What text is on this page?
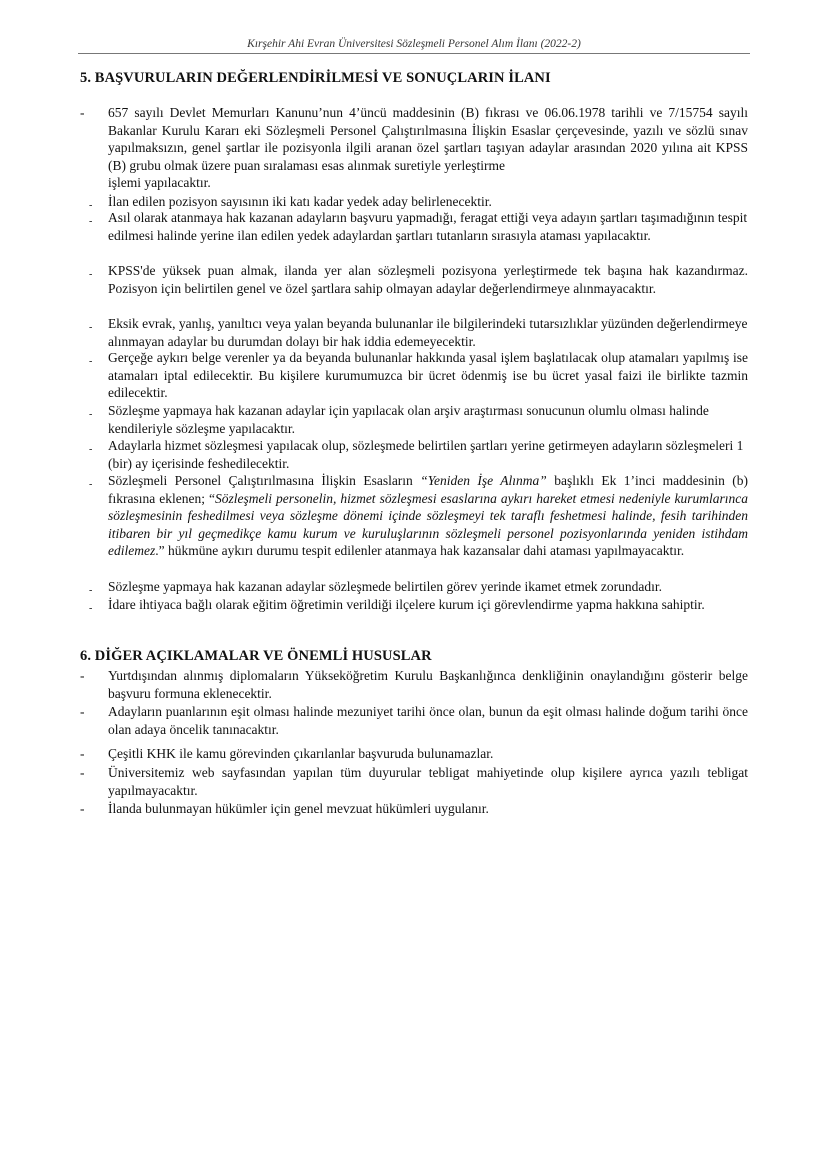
Kırşehir Ahi Evran Üniversitesi Sözleşmeli Personel Alım İlanı (2022-2)
5. BAŞVURULARIN DEĞERLENDİRİLMESİ VE SONUÇLARIN İLANI
-	657 sayılı Devlet Memurları Kanunu’nun 4’üncü maddesinin (B) fıkrası ve 06.06.1978 tarihli ve 7/15754 sayılı Bakanlar Kurulu Kararı eki Sözleşmeli Personel Çalıştırılmasına İlişkin Esaslar çerçevesinde, yazılı ve sözlü sınav yapılmaksızın, genel şartlar ile pozisyonla ilgili aranan özel şartları taşıyan adaylar arasından 2020 yılına ait KPSS (B) grubu olmak üzere puan sıralaması esas alınmak suretiyle yerleştirme
işlemi yapılacaktır.
-	İlan edilen pozisyon sayısının iki katı kadar yedek aday belirlenecektir.
-	Asıl olarak atanmaya hak kazanan adayların başvuru yapmadığı, feragat ettiği veya adayın şartları taşımadığının tespit edilmesi halinde yerine ilan edilen yedek adaylardan şartları tutanların sırasıyla ataması yapılacaktır.
-	KPSS'de yüksek puan almak, ilanda yer alan sözleşmeli pozisyona yerleştirmede tek başına hak kazandırmaz. Pozisyon için belirtilen genel ve özel şartlara sahip olmayan adaylar değerlendirmeye alınmayacaktır.
-	Eksik evrak, yanlış, yanıltıcı veya yalan beyanda bulunanlar ile bilgilerindeki tutarsızlıklar yüzünden değerlendirmeye alınmayan adaylar bu durumdan dolayı bir hak iddia edemeyecektir.
-	Gerçeğe aykırı belge verenler ya da beyanda bulunanlar hakkında yasal işlem başlatılacak olup atamaları yapılmış ise atamaları iptal edilecektir. Bu kişilere kurumumuzca bir ücret ödenmiş ise bu ücret yasal faizi ile birlikte tazmin edilecektir.
-	Sözleşme yapmaya hak kazanan adaylar için yapılacak olan arşiv araştırması sonucunun olumlu olması halinde kendileriyle sözleşme yapılacaktır.
-	Adaylarla hizmet sözleşmesi yapılacak olup, sözleşmede belirtilen şartları yerine getirmeyen adayların sözleşmeleri 1 (bir) ay içerisinde feshedilecektir.
-	Sözleşmeli Personel Çalıştırılmasına İlişkin Esasların “Yeniden İşe Alınma” başlıklı Ek 1’inci maddesinin (b) fıkrasına eklenen; “Sözleşmeli personelin, hizmet sözleşmesi esaslarına aykırı hareket etmesi nedeniyle kurumlarınca sözleşmesinin feshedilmesi veya sözleşme dönemi içinde sözleşmeyi tek taraflı feshetmesi halinde, fesih tarihinden itibaren bir yıl geçmedikçe kamu kurum ve kuruluşlarının sözleşmeli personel pozisyonlarında yeniden istihdam edilemez.” hükmüne aykırı durumu tespit edilenler atanmaya hak kazansalar dahi ataması yapılmayacaktır.
-	Sözleşme yapmaya hak kazanan adaylar sözleşmede belirtilen görev yerinde ikamet etmek zorundadır.
-	İdare ihtiyaca bağlı olarak eğitim öğretimin verildiği ilçelere kurum içi görevlendirme yapma hakkına sahiptir.
6. DİĞER AÇIKLAMALAR VE ÖNEMLİ HUSUSLAR
-	Yurtdışından alınmış diplomaların Yükseköğretim Kurulu Başkanlığınca denkliğinin onaylandığını gösterir belge başvuru formuna eklenecektir.
-	Adayların puanlarının eşit olması halinde mezuniyet tarihi önce olan, bunun da eşit olması halinde doğum tarihi önce olan adaya öncelik tanınacaktır.
-	Çeşitli KHK ile kamu görevinden çıkarılanlar başvuruda bulunamazlar.
-	Üniversitemiz web sayfasından yapılan tüm duyurular tebligat mahiyetinde olup kişilere ayrıca yazılı tebligat yapılmayacaktır.
-	İlanda bulunmayan hükümler için genel mevzuat hükümleri uygulanır.
